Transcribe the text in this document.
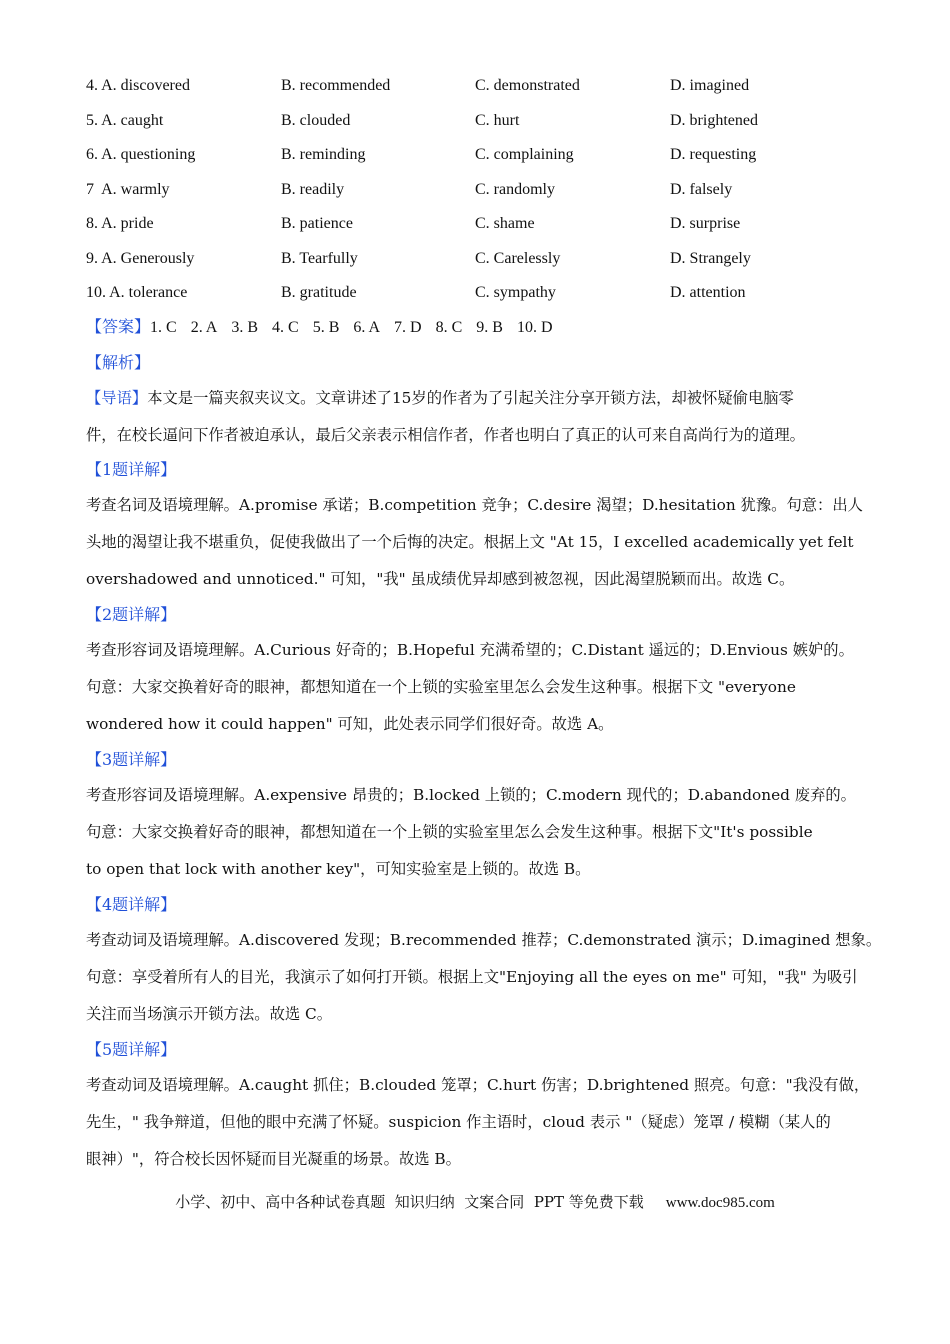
4. A. discovered	B. recommended	C. demonstrated	D. imagined
5. A. caught	B. clouded	C. hurt	D. brightened
6. A. questioning	B. reminding	C. complaining	D. requesting
7  A. warmly	B. readily	C. randomly	D. falsely
8. A. pride	B. patience	C. shame	D. surprise
9. A. Generously	B. Tearfully	C. Carelessly	D. Strangely
10. A. tolerance	B. gratitude	C. sympathy	D. attention
【答案】1. C 2. A 3. B 4. C 5. B 6. A 7. D 8. C 9. B 10. D
【解析】
【导语】本文是一篇夹叙夹议文。文章讲述了15岁的作者为了引起关注分享开锁方法，却被怀疑偷电脑零
件，在校长逼问下作者被迫承认，最后父亲表示相信作者，作者也明白了真正的认可来自高尚行为的道理。
【1题详解】
考查名词及语境理解。A.promise 承诺；B.competition 竞争；C.desire 渴望；D.hesitation 犹豫。句意：出人
头地的渴望让我不堪重负，促使我做出了一个后悔的决定。根据上文 "At 15，I excelled academically yet felt
overshadowed and unnoticed." 可知，"我" 虽成绩优异却感到被忽视，因此渴望脱颖而出。故选 C。
【2题详解】
考查形容词及语境理解。A.Curious 好奇的；B.Hopeful 充满希望的；C.Distant 遥远的；D.Envious 嫉妒的。
句意：大家交换着好奇的眼神，都想知道在一个上锁的实验室里怎么会发生这种事。根据下文 "everyone
wondered how it could happen" 可知，此处表示同学们很好奇。故选 A。
【3题详解】
考查形容词及语境理解。A.expensive 昂贵的；B.locked 上锁的；C.modern 现代的；D.abandoned 废弃的。
句意：大家交换着好奇的眼神，都想知道在一个上锁的实验室里怎么会发生这种事。根据下文"It's possible
to open that lock with another key"，可知实验室是上锁的。故选 B。
【4题详解】
考查动词及语境理解。A.discovered 发现；B.recommended 推荐；C.demonstrated 演示；D.imagined 想象。
句意：享受着所有人的目光，我演示了如何打开锁。根据上文"Enjoying all the eyes on me" 可知，"我" 为吸引
关注而当场演示开锁方法。故选 C。
【5题详解】
考查动词及语境理解。A.caught 抓住；B.clouded 笼罩；C.hurt 伤害；D.brightened 照亮。句意："我没有做，
先生，" 我争辩道，但他的眼中充满了怀疑。suspicion 作主语时，cloud 表示 "（疑虑）笼罩 / 模糊（某人的
眼神）"，符合校长因怀疑而目光凝重的场景。故选 B。
小学、初中、高中各种试卷真题  知识归纳  文案合同  PPT 等免费下载 www.doc985.com
